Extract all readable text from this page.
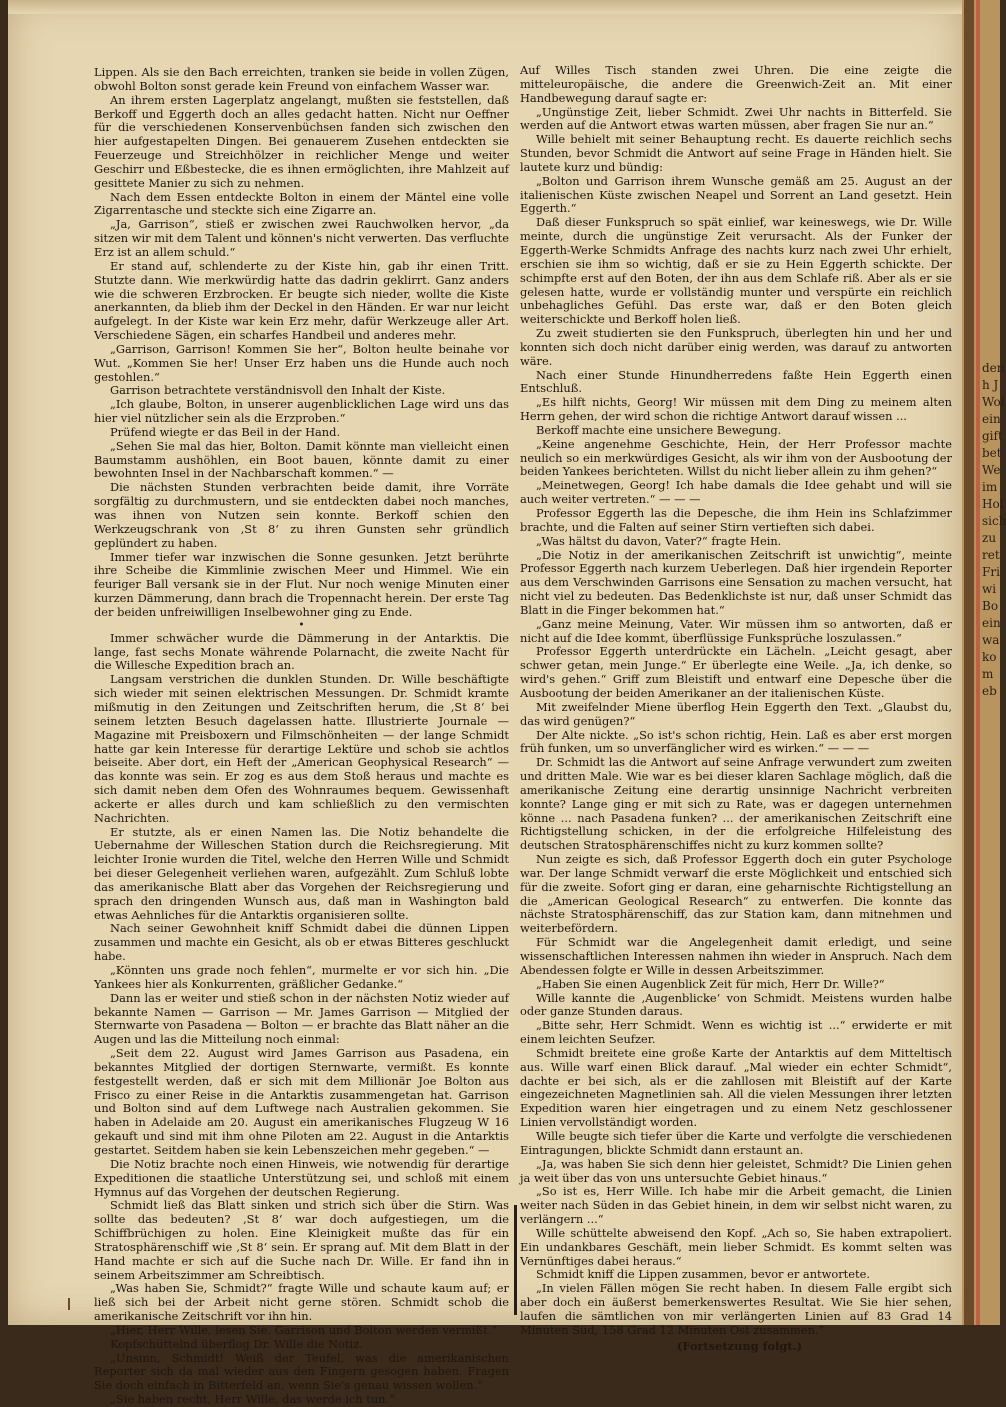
Lippen. Als sie den Bach erreichten, tranken sie beide in vollen Zügen, obwohl Bolton sonst gerade kein Freund von einfachem Wasser war.

An ihrem ersten Lagerplatz angelangt, mußten sie feststellen, daß Berkoff und Eggerth doch an alles gedacht hatten. Nicht nur Oeffner für die verschiedenen Konservenbüchsen fanden sich zwischen den hier aufgestapelten Dingen. Bei genauerem Zusehen entdeckten sie Feuerzeuge und Streichhölzer in reichlicher Menge und weiter Geschirr und Eßbestecke, die es ihnen ermöglichten, ihre Mahlzeit auf gesittete Manier zu sich zu nehmen.

Nach dem Essen entdeckte Bolton in einem der Mäntel eine volle Zigarrentasche und steckte sich eine Zigarre an.

„Ja, Garrison“, stieß er zwischen zwei Rauchwolken hervor, „da sitzen wir mit dem Talent und können's nicht verwerten. Das verfluchte Erz ist an allem schuld.“

Er stand auf, schlenderte zu der Kiste hin, gab ihr einen Tritt. Stutzte dann. Wie merkwürdig hatte das dadrin geklirrt. Ganz anders wie die schweren Erzbrocken. Er beugte sich nieder, wollte die Kiste anerkannten, da blieb ihm der Deckel in den Händen. Er war nur leicht aufgelegt. In der Kiste war kein Erz mehr, dafür Werkzeuge aller Art. Verschiedene Sägen, ein scharfes Handbeil und anderes mehr.

„Garrison, Garrison! Kommen Sie her“, Bolton heulte beinahe vor Wut. „Kommen Sie her! Unser Erz haben uns die Hunde auch noch gestohlen.“

Garrison betrachtete verständnisvoll den Inhalt der Kiste.

„Ich glaube, Bolton, in unserer augenblicklichen Lage wird uns das hier viel nützlicher sein als die Erzproben.“

Prüfend wiegte er das Beil in der Hand.

„Sehen Sie mal das hier, Bolton. Damit könnte man vielleicht einen Baumstamm aushöhlen, ein Boot bauen, könnte damit zu einer bewohnten Insel in der Nachbarschaft kommen.“ —

Die nächsten Stunden verbrachten beide damit, ihre Vorräte sorgfältig zu durchmustern, und sie entdeckten dabei noch manches, was ihnen von Nutzen sein konnte. Berkoff schien den Werkzeugschrank von ‚St 8‘ zu ihren Gunsten sehr gründlich geplündert zu haben.

Immer tiefer war inzwischen die Sonne gesunken. Jetzt berührte ihre Scheibe die Kimmlinie zwischen Meer und Himmel. Wie ein feuriger Ball versank sie in der Flut. Nur noch wenige Minuten einer kurzen Dämmerung, dann brach die Tropennacht herein. Der erste Tag der beiden unfreiwilligen Inselbewohner ging zu Ende.

•

Immer schwächer wurde die Dämmerung in der Antarktis. Die lange, fast sechs Monate währende Polarnacht, die zweite Nacht für die Willesche Expedition brach an.

Langsam verstrichen die dunklen Stunden. Dr. Wille beschäftigte sich wieder mit seinen elektrischen Messungen. Dr. Schmidt kramte mißmutig in den Zeitungen und Zeitschriften herum, die ‚St 8‘ bei seinem letzten Besuch dagelassen hatte. Illustrierte Journale — Magazine mit Preisboxern und Filmschönheiten — der lange Schmidt hatte gar kein Interesse für derartige Lektüre und schob sie achtlos beiseite. Aber dort, ein Heft der „American Geophysical Research“ — das konnte was sein. Er zog es aus dem Stoß heraus und machte es sich damit neben dem Ofen des Wohnraumes bequem. Gewissenhaft ackerte er alles durch und kam schließlich zu den vermischten Nachrichten.

Er stutzte, als er einen Namen las. Die Notiz behandelte die Uebernahme der Willeschen Station durch die Reichsregierung. Mit leichter Ironie wurden die Titel, welche den Herren Wille und Schmidt bei dieser Gelegenheit verliehen waren, aufgezählt. Zum Schluß lobte das amerikanische Blatt aber das Vorgehen der Reichsregierung und sprach den dringenden Wunsch aus, daß man in Washington bald etwas Aehnliches für die Antarktis organisieren sollte.

Nach seiner Gewohnheit kniff Schmidt dabei die dünnen Lippen zusammen und machte ein Gesicht, als ob er etwas Bitteres geschluckt habe.

„Könnten uns grade noch fehlen“, murmelte er vor sich hin. „Die Yankees hier als Konkurrenten, gräßlicher Gedanke.“

Dann las er weiter und stieß schon in der nächsten Notiz wieder auf bekannte Namen — Garrison — Mr. James Garrison — Mitglied der Sternwarte von Pasadena — Bolton — er brachte das Blatt näher an die Augen und las die Mitteilung noch einmal:

„Seit dem 22. August wird James Garrison aus Pasadena, ein bekanntes Mitglied der dortigen Sternwarte, vermißt. Es konnte festgestellt werden, daß er sich mit dem Millionär Joe Bolton aus Frisco zu einer Reise in die Antarktis zusammengetan hat. Garrison und Bolton sind auf dem Luftwege nach Australien gekommen. Sie haben in Adelaide am 20. August ein amerikanisches Flugzeug W 16 gekauft und sind mit ihm ohne Piloten am 22. August in die Antarktis gestartet. Seitdem haben sie kein Lebenszeichen mehr gegeben.“ —

Die Notiz brachte noch einen Hinweis, wie notwendig für derartige Expeditionen die staatliche Unterstützung sei, und schloß mit einem Hymnus auf das Vorgehen der deutschen Regierung.

Schmidt ließ das Blatt sinken und strich sich über die Stirn. Was sollte das bedeuten? ‚St 8‘ war doch aufgestiegen, um die Schiffbrüchigen zu holen. Eine Kleinigkeit mußte das für ein Stratosphärenschiff wie ‚St 8‘ sein. Er sprang auf. Mit dem Blatt in der Hand machte er sich auf die Suche nach Dr. Wille. Er fand ihn in seinem Arbeitszimmer am Schreibtisch.

„Was haben Sie, Schmidt?“ fragte Wille und schaute kaum auf; er ließ sich bei der Arbeit nicht gerne stören. Schmidt schob die amerikanische Zeitschrift vor ihn hin.

„Hier, Herr Wille, lesen Sie. Garrison und Bolton werden vermißt.“

Kopfschüttelnd überflog Dr. Wille die Notiz.

„Unsinn, Schmidt! Weiß der Teufel, was die amerikanischen Reporter sich da mal wieder aus den Fingern gesogen haben. Fragen Sie doch einfach in Bitterfeld an, wenn Sie's genau wissen wollen.“

„Sie haben recht, Herr Wille, das werde ich tun.“

Auf Willes Tisch standen zwei Uhren. Die eine zeigte die mitteleuropäische, die andere die Greenwich-Zeit an. Mit einer Handbewegung darauf sagte er:

„Ungünstige Zeit, lieber Schmidt. Zwei Uhr nachts in Bitterfeld. Sie werden auf die Antwort etwas warten müssen, aber fragen Sie nur an.“

Wille behielt mit seiner Behauptung recht. Es dauerte reichlich sechs Stunden, bevor Schmidt die Antwort auf seine Frage in Händen hielt. Sie lautete kurz und bündig:

„Bolton und Garrison ihrem Wunsche gemäß am 25. August an der italienischen Küste zwischen Neapel und Sorrent an Land gesetzt. Hein Eggerth.“

Daß dieser Funkspruch so spät einlief, war keineswegs, wie Dr. Wille meinte, durch die ungünstige Zeit verursacht. Als der Funker der Eggerth-Werke Schmidts Anfrage des nachts kurz nach zwei Uhr erhielt, erschien sie ihm so wichtig, daß er sie zu Hein Eggerth schickte. Der schimpfte erst auf den Boten, der ihn aus dem Schlafe riß. Aber als er sie gelesen hatte, wurde er vollständig munter und verspürte ein reichlich unbehagliches Gefühl. Das erste war, daß er den Boten gleich weiterschickte und Berkoff holen ließ.

Zu zweit studierten sie den Funkspruch, überlegten hin und her und konnten sich doch nicht darüber einig werden, was darauf zu antworten wäre.

Nach einer Stunde Hinundherredens faßte Hein Eggerth einen Entschluß.

„Es hilft nichts, Georg! Wir müssen mit dem Ding zu meinem alten Herrn gehen, der wird schon die richtige Antwort darauf wissen ...

Berkoff machte eine unsichere Bewegung.

„Keine angenehme Geschichte, Hein, der Herr Professor machte neulich so ein merkwürdiges Gesicht, als wir ihm von der Ausbootung der beiden Yankees berichteten. Willst du nicht lieber allein zu ihm gehen?“

„Meinetwegen, Georg! Ich habe damals die Idee gehabt und will sie auch weiter vertreten.“ — — —

Professor Eggerth las die Depesche, die ihm Hein ins Schlafzimmer brachte, und die Falten auf seiner Stirn vertieften sich dabei.

„Was hältst du davon, Vater?“ fragte Hein.

„Die Notiz in der amerikanischen Zeitschrift ist unwichtig“, meinte Professor Eggerth nach kurzem Ueberlegen. Daß hier irgendein Reporter aus dem Verschwinden Garrisons eine Sensation zu machen versucht, hat nicht viel zu bedeuten. Das Bedenklichste ist nur, daß unser Schmidt das Blatt in die Finger bekommen hat.“

„Ganz meine Meinung, Vater. Wir müssen ihm so antworten, daß er nicht auf die Idee kommt, überflüssige Funksprüche loszulassen.“

Professor Eggerth unterdrückte ein Lächeln. „Leicht gesagt, aber schwer getan, mein Junge.“ Er überlegte eine Weile. „Ja, ich denke, so wird's gehen.“ Griff zum Bleistift und entwarf eine Depesche über die Ausbootung der beiden Amerikaner an der italienischen Küste.

Mit zweifelnder Miene überflog Hein Eggerth den Text. „Glaubst du, das wird genügen?“

Der Alte nickte. „So ist's schon richtig, Hein. Laß es aber erst morgen früh funken, um so unverfänglicher wird es wirken.“ — — —

Dr. Schmidt las die Antwort auf seine Anfrage verwundert zum zweiten und dritten Male. Wie war es bei dieser klaren Sachlage möglich, daß die amerikanische Zeitung eine derartig unsinnige Nachricht verbreiten konnte? Lange ging er mit sich zu Rate, was er dagegen unternehmen könne ... nach Pasadena funken? ... der amerikanischen Zeitschrift eine Richtigstellung schicken, in der die erfolgreiche Hilfeleistung des deutschen Stratosphärenschiffes nicht zu kurz kommen sollte?

Nun zeigte es sich, daß Professor Eggerth doch ein guter Psychologe war. Der lange Schmidt verwarf die erste Möglichkeit und entschied sich für die zweite. Sofort ging er daran, eine geharnischte Richtigstellung an die „American Geological Research“ zu entwerfen. Die konnte das nächste Stratosphärenschiff, das zur Station kam, dann mitnehmen und weiterbefördern.

Für Schmidt war die Angelegenheit damit erledigt, und seine wissenschaftlichen Interessen nahmen ihn wieder in Anspruch. Nach dem Abendessen folgte er Wille in dessen Arbeitszimmer.

„Haben Sie einen Augenblick Zeit für mich, Herr Dr. Wille?“

Wille kannte die ‚Augenblicke‘ von Schmidt. Meistens wurden halbe oder ganze Stunden daraus.

„Bitte sehr, Herr Schmidt. Wenn es wichtig ist ...“ erwiderte er mit einem leichten Seufzer.

Schmidt breitete eine große Karte der Antarktis auf dem Mitteltisch aus. Wille warf einen Blick darauf. „Mal wieder ein echter Schmidt“, dachte er bei sich, als er die zahllosen mit Bleistift auf der Karte eingezeichneten Magnetlinien sah. All die vielen Messungen ihrer letzten Expedition waren hier eingetragen und zu einem Netz geschlossener Linien vervollständigt worden.

Wille beugte sich tiefer über die Karte und verfolgte die verschiedenen Eintragungen, blickte Schmidt dann erstaunt an.

„Ja, was haben Sie sich denn hier geleistet, Schmidt? Die Linien gehen ja weit über das von uns untersuchte Gebiet hinaus.“

„So ist es, Herr Wille. Ich habe mir die Arbeit gemacht, die Linien weiter nach Süden in das Gebiet hinein, in dem wir selbst nicht waren, zu verlängern ...“

Wille schüttelte abweisend den Kopf. „Ach so, Sie haben extrapoliert. Ein undankbares Geschäft, mein lieber Schmidt. Es kommt selten was Vernünftiges dabei heraus.“

Schmidt kniff die Lippen zusammen, bevor er antwortete.

„In vielen Fällen mögen Sie recht haben. In diesem Falle ergibt sich aber doch ein äußerst bemerkenswertes Resultat. Wie Sie hier sehen, laufen die sämtlichen von mir verlängerten Linien auf 83 Grad 14 Minuten Süd, 158 Grad 12 Minuten Ost zusammen.“

(Fortsetzung folgt.)
den
h J
Wol
ein
gift
bet
We
im
Hol
sich
zu
ret
Fri
wi
Bo
ein
wa
ko
m
eb
